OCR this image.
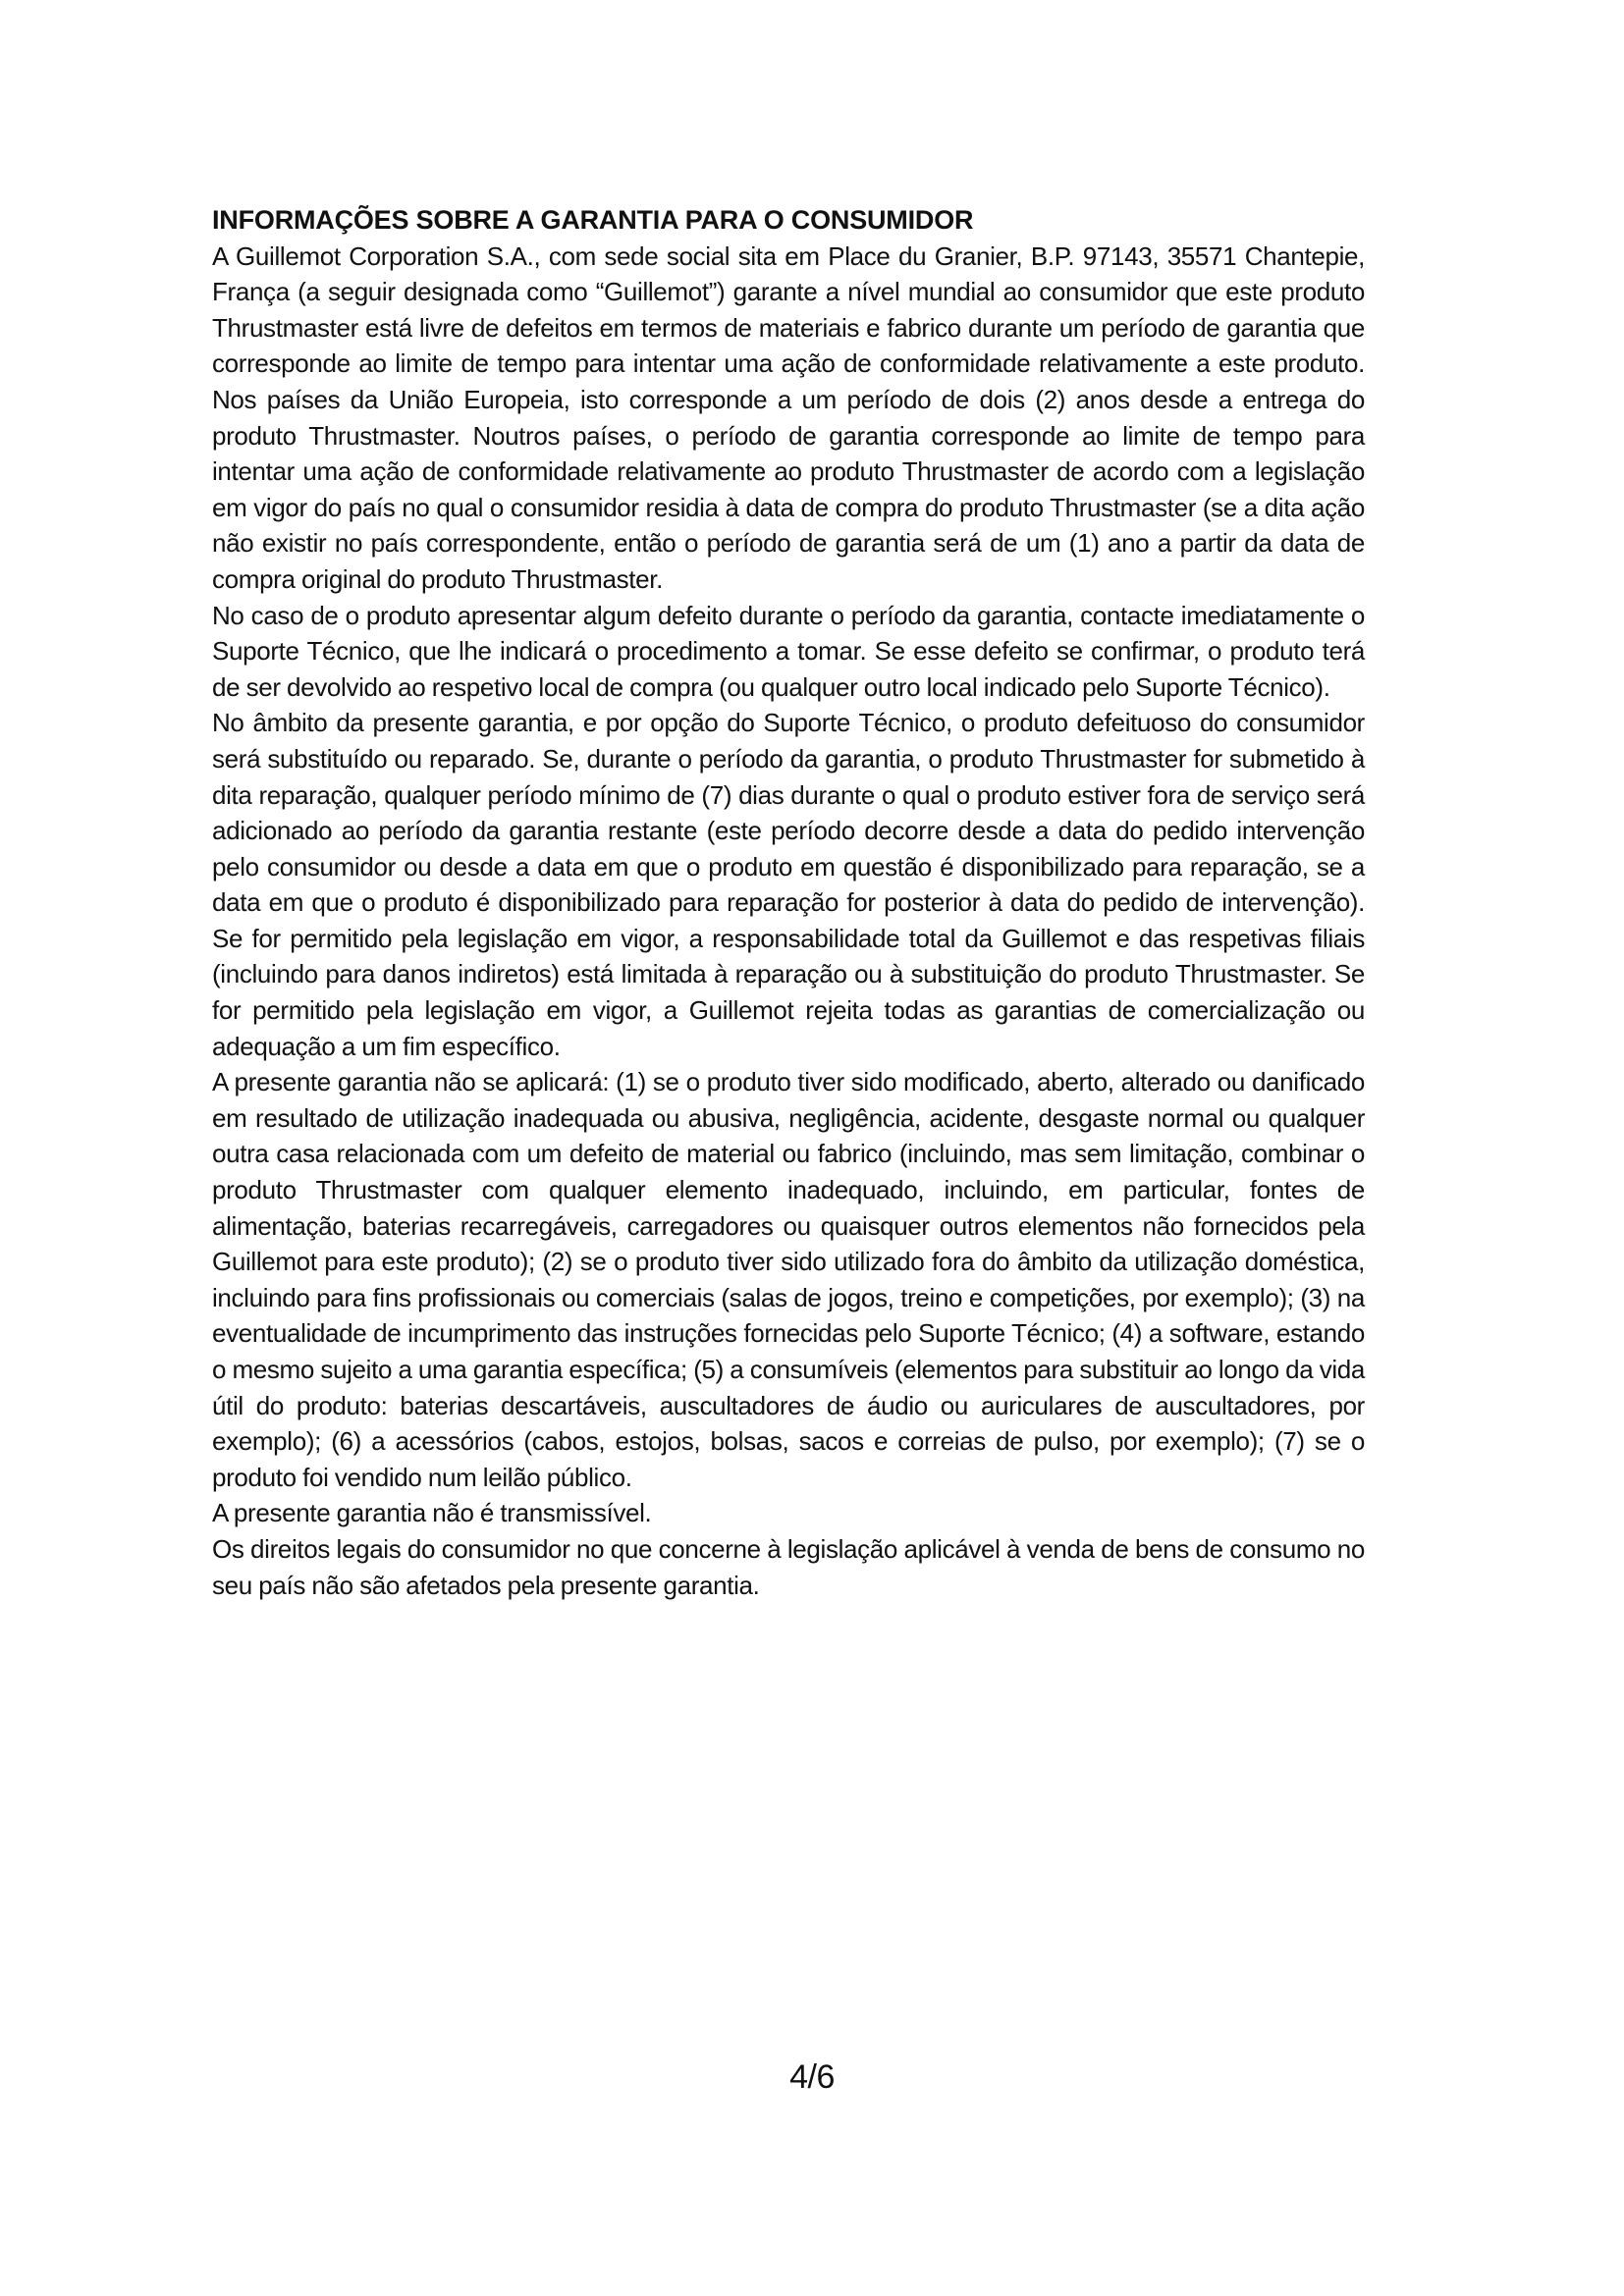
INFORMAÇÕES SOBRE A GARANTIA PARA O CONSUMIDOR

A Guillemot Corporation S.A., com sede social sita em Place du Granier, B.P. 97143, 35571 Chantepie, França (a seguir designada como “Guillemot”) garante a nível mundial ao consumidor que este produto Thrustmaster está livre de defeitos em termos de materiais e fabrico durante um período de garantia que corresponde ao limite de tempo para intentar uma ação de conformidade relativamente a este produto. Nos países da União Europeia, isto corresponde a um período de dois (2) anos desde a entrega do produto Thrustmaster. Noutros países, o período de garantia corresponde ao limite de tempo para intentar uma ação de conformidade relativamente ao produto Thrustmaster de acordo com a legislação em vigor do país no qual o consumidor residia à data de compra do produto Thrustmaster (se a dita ação não existir no país correspondente, então o período de garantia será de um (1) ano a partir da data de compra original do produto Thrustmaster.

No caso de o produto apresentar algum defeito durante o período da garantia, contacte imediatamente o Suporte Técnico, que lhe indicará o procedimento a tomar. Se esse defeito se confirmar, o produto terá de ser devolvido ao respetivo local de compra (ou qualquer outro local indicado pelo Suporte Técnico).

No âmbito da presente garantia, e por opção do Suporte Técnico, o produto defeituoso do consumidor será substituído ou reparado. Se, durante o período da garantia, o produto Thrustmaster for submetido à dita reparação, qualquer período mínimo de (7) dias durante o qual o produto estiver fora de serviço será adicionado ao período da garantia restante (este período decorre desde a data do pedido intervenção pelo consumidor ou desde a data em que o produto em questão é disponibilizado para reparação, se a data em que o produto é disponibilizado para reparação for posterior à data do pedido de intervenção). Se for permitido pela legislação em vigor, a responsabilidade total da Guillemot e das respetivas filiais (incluindo para danos indiretos) está limitada à reparação ou à substituição do produto Thrustmaster. Se for permitido pela legislação em vigor, a Guillemot rejeita todas as garantias de comercialização ou adequação a um fim específico.

A presente garantia não se aplicará: (1) se o produto tiver sido modificado, aberto, alterado ou danificado em resultado de utilização inadequada ou abusiva, negligência, acidente, desgaste normal ou qualquer outra casa relacionada com um defeito de material ou fabrico (incluindo, mas sem limitação, combinar o produto Thrustmaster com qualquer elemento inadequado, incluindo, em particular, fontes de alimentação, baterias recarregáveis, carregadores ou quaisquer outros elementos não fornecidos pela Guillemot para este produto); (2) se o produto tiver sido utilizado fora do âmbito da utilização doméstica, incluindo para fins profissionais ou comerciais (salas de jogos, treino e competições, por exemplo); (3) na eventualidade de incumprimento das instruções fornecidas pelo Suporte Técnico; (4) a software, estando o mesmo sujeito a uma garantia específica; (5) a consumíveis (elementos para substituir ao longo da vida útil do produto: baterias descartáveis, auscultadores de áudio ou auriculares de auscultadores, por exemplo); (6) a acessórios (cabos, estojos, bolsas, sacos e correias de pulso, por exemplo); (7) se o produto foi vendido num leilão público.

A presente garantia não é transmissível.

Os direitos legais do consumidor no que concerne à legislação aplicável à venda de bens de consumo no seu país não são afetados pela presente garantia.

4/6
